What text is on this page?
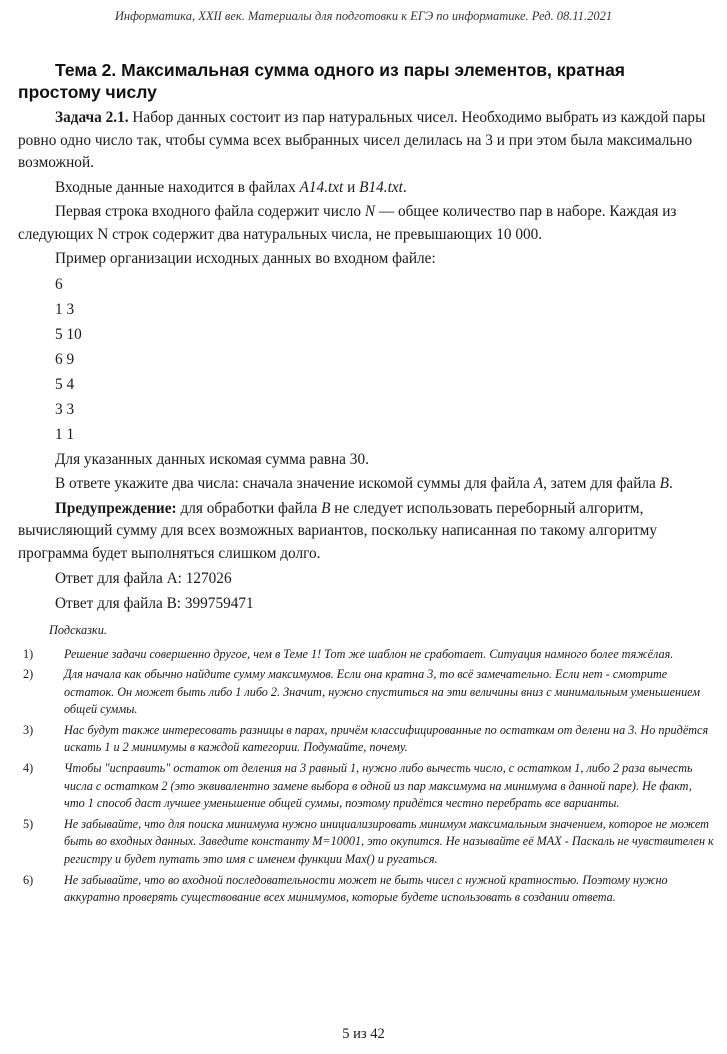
Информатика, XXII век. Материалы для подготовки к ЕГЭ по информатике. Ред. 08.11.2021
Тема 2. Максимальная сумма одного из пары элементов, кратная простому числу

Задача 2.1. Набор данных состоит из пар натуральных чисел. Необходимо выбрать из каждой пары ровно одно число так, чтобы сумма всех выбранных чисел делилась на 3 и при этом была максимально возможной.

Входные данные находится в файлах A14.txt и B14.txt.

Первая строка входного файла содержит число N — общее количество пар в наборе. Каждая из следующих N строк содержит два натуральных числа, не превышающих 10 000.

Пример организации исходных данных во входном файле:

6

1 3

5 10

6 9

5 4

3 3

1 1

Для указанных данных искомая сумма равна 30.

В ответе укажите два числа: сначала значение искомой суммы для файла A, затем для файла B.

Предупреждение: для обработки файла B не следует использовать переборный алгоритм, вычисляющий сумму для всех возможных вариантов, поскольку написанная по такому алгоритму программа будет выполняться слишком долго.

Ответ для файла A: 127026

Ответ для файла B: 399759471

Подсказки.
1)	Решение задачи совершенно другое, чем в Теме 1! Тот же шаблон не сработает. Ситуация намного более тяжёлая.
2)	Для начала как обычно найдите сумму максимумов. Если она кратна 3, то всё замечательно. Если нет - смотрите остаток. Он может быть либо 1 либо 2. Значит, нужно спуститься на эти величины вниз с минимальным уменьшением общей суммы.
3)	Нас будут также интересовать разницы в парах, причём классифицированные по остаткам от делени на 3. Но придётся искать 1 и 2 минимумы в каждой категории. Подумайте, почему.
4)	Чтобы "исправить" остаток от деления на 3 равный 1, нужно либо вычесть число, с остатком 1, либо 2 раза вычесть числа с остатком 2 (это эквивалентно замене выбора в одной из пар максимума на минимума в данной паре). Не факт, что 1 способ даст лучшее уменьшение общей суммы, поэтому придётся честно перебрать все варианты.
5)	Не забывайте, что для поиска минимума нужно инициализировать минимум максимальным значением, которое не может быть во входных данных. Заведите константу M=10001, это окупится. Не называйте её MAX - Паскаль не чувствителен к регистру и будет путать это имя с именем функции Max() и ругаться.
6)	Не забывайте, что во входной последовательности может не быть чисел с нужной кратностью. Поэтому нужно аккуратно проверять существование всех минимумов, которые будете использовать в создании ответа.
5 из 42
